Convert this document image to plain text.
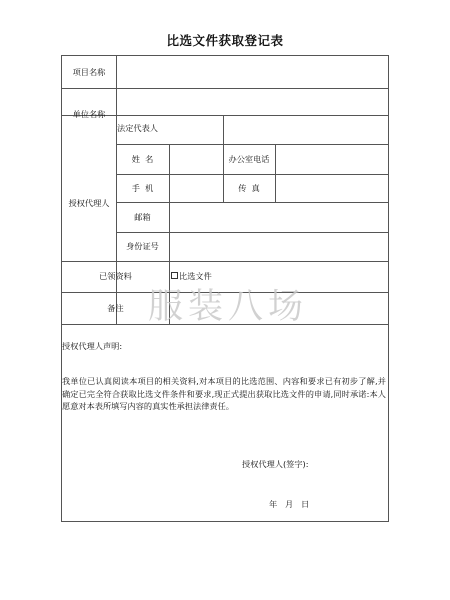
比选文件获取登记表
项目名称
单位名称
法定代表人
授权代理人
姓  名	办公室电话
手  机	传  真
邮箱
身份证号
已领资料	比选文件
备注
授权代理人声明:
我单位已认真阅读本项目的相关资料,对本项目的比选范围、内容和要求已有初步了解,并确定已完全符合获取比选文件条件和要求,现正式提出获取比选文件的申请,同时承诺:本人愿意对本表所填写内容的真实性承担法律责任。
授权代理人(签字):
年   月   日
服装八场
